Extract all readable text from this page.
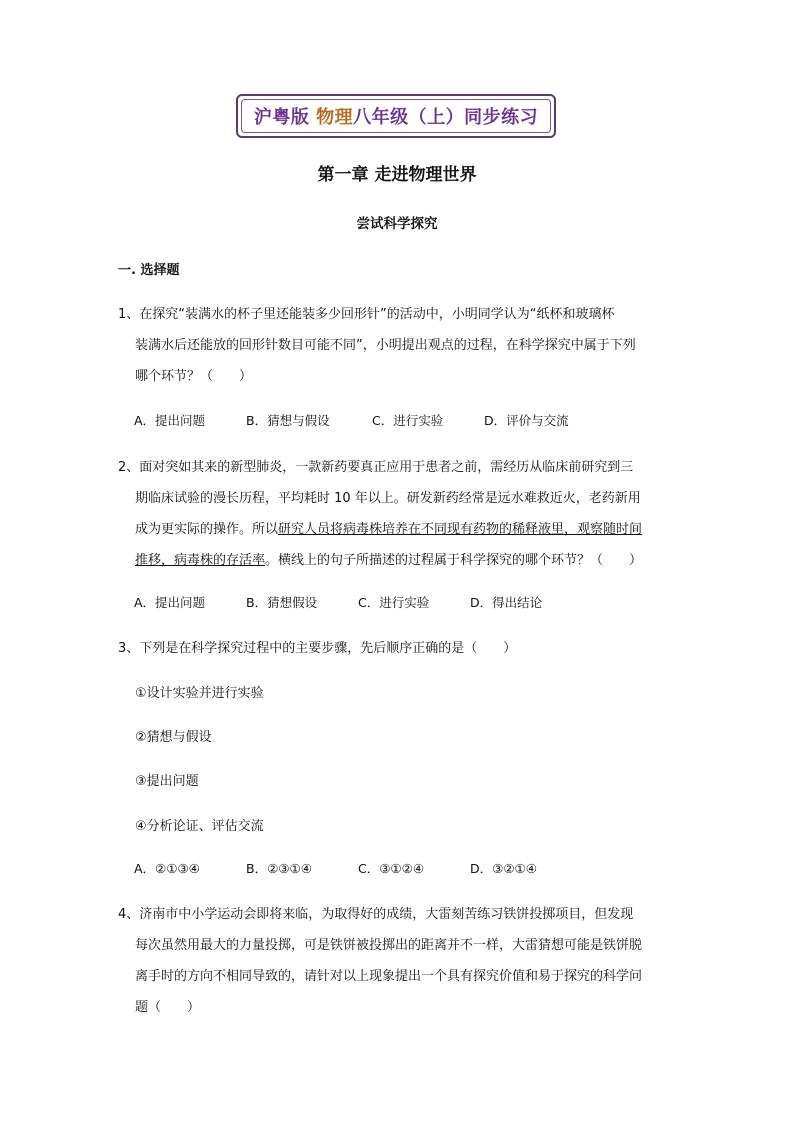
沪粤版 物理八年级（上）同步练习
第一章 走进物理世界
尝试科学探究
一. 选择题
1、在探究“装满水的杯子里还能装多少回形针”的活动中，小明同学认为“纸杯和玻璃杯
装满水后还能放的回形针数目可能不同”，小明提出观点的过程，在科学探究中属于下列
哪个环节？（　　）
A．提出问题	B．猜想与假设	C．进行实验	D．评价与交流
2、面对突如其来的新型肺炎，一款新药要真正应用于患者之前，需经历从临床前研究到三
期临床试验的漫长历程，平均耗时 10 年以上。研发新药经常是远水难救近火，老药新用
成为更实际的操作。所以研究人员将病毒株培养在不同现有药物的稀释液里，观察随时间
推移，病毒株的存活率。横线上的句子所描述的过程属于科学探究的哪个环节？（　　）
A．提出问题	B．猜想假设	C．进行实验	D．得出结论
3、下列是在科学探究过程中的主要步骤，先后顺序正确的是（　　）
①设计实验并进行实验
②猜想与假设
③提出问题
④分析论证、评估交流
A．②①③④	B．②③①④	C．③①②④	D．③②①④
4、济南市中小学运动会即将来临，为取得好的成绩，大雷刻苦练习铁饼投掷项目，但发现
每次虽然用最大的力量投掷，可是铁饼被投掷出的距离并不一样，大雷猜想可能是铁饼脱
离手时的方向不相同导致的，请针对以上现象提出一个具有探究价值和易于探究的科学问
题（　　）
